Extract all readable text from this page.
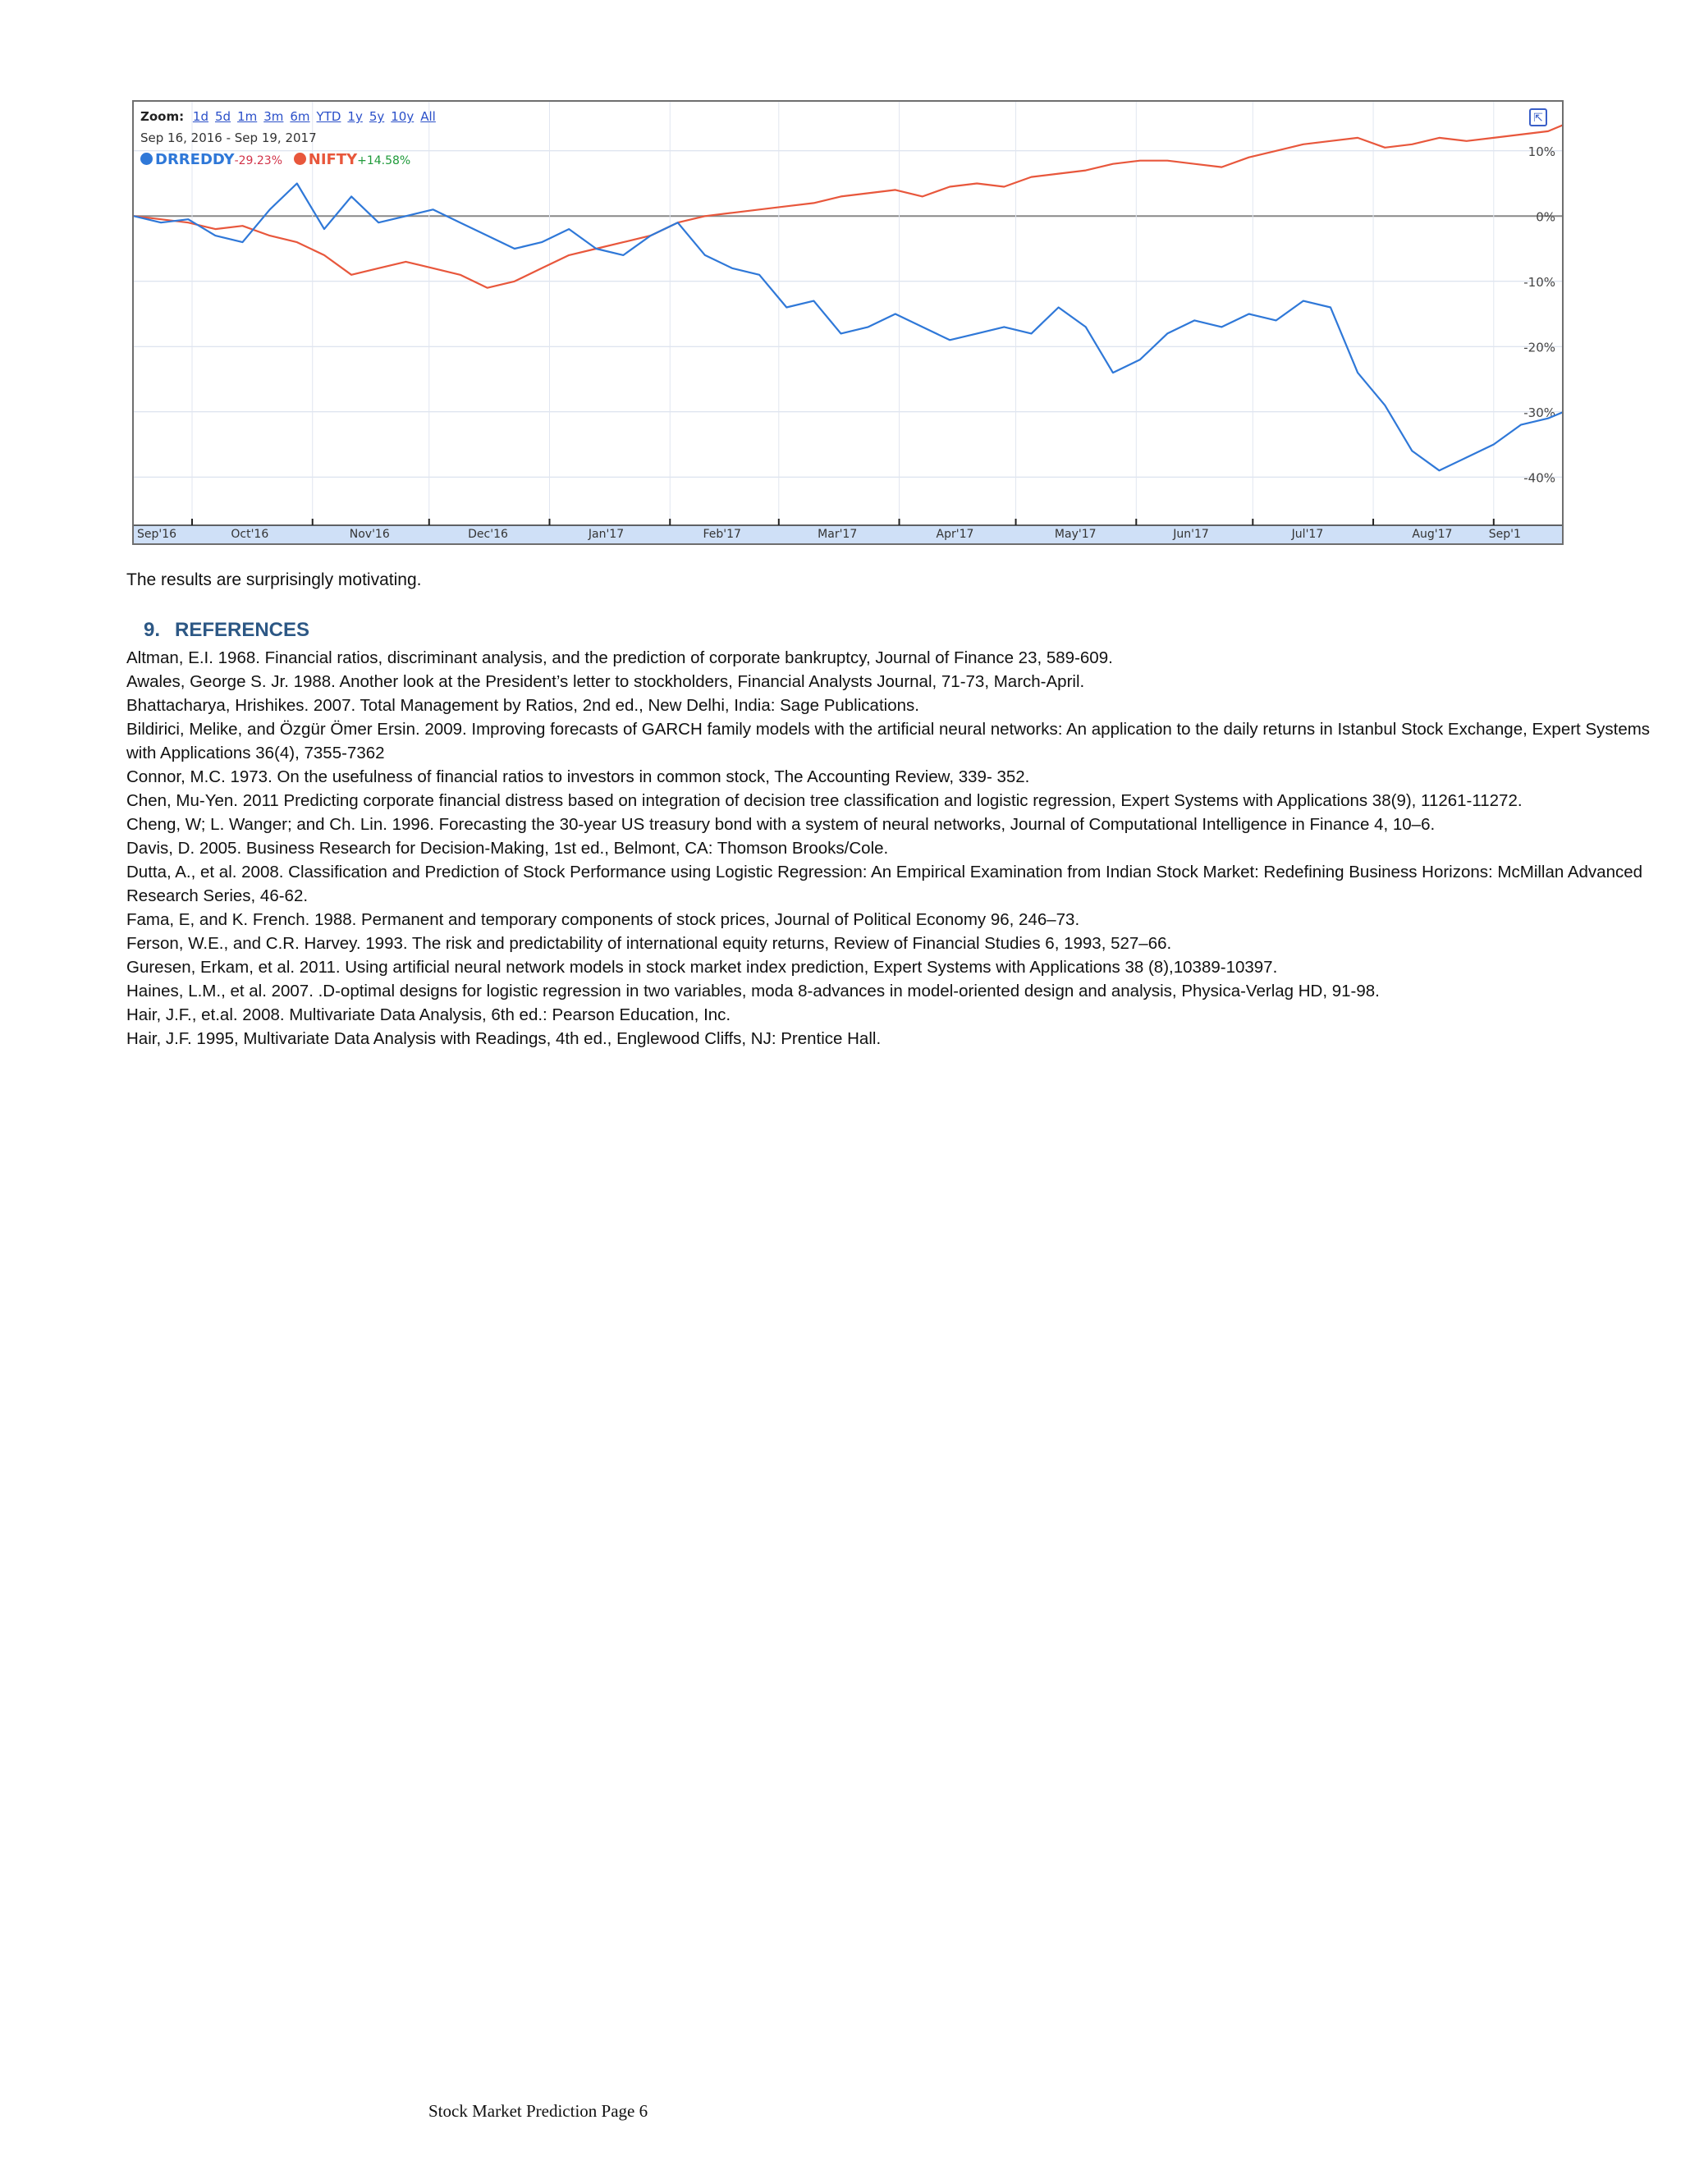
10%
0%
-10%
-20%
-30%
-40%
Sep'16	Oct'16	Nov'16	Dec'16	Jan'17	Feb'17	Mar'17	Apr'17	May'17	Jun'17	Jul'17	Aug'17	Sep'1
Zoom: 1d 5d 1m 3m 6m YTD 1y 5y 10y All
Sep 16, 2016 - Sep 19, 2017
DRREDDY-29.23% NIFTY+14.58%
⇱
The results are surprisingly motivating.
9. REFERENCES
Altman, E.I. 1968. Financial ratios, discriminant analysis, and the prediction of corporate bankruptcy, Journal of Finance 23, 589-609.
Awales, George S. Jr. 1988. Another look at the President’s letter to stockholders, Financial Analysts Journal, 71-73, March-April.
Bhattacharya, Hrishikes. 2007. Total Management by Ratios, 2nd ed., New Delhi, India: Sage Publications.
Bildirici, Melike, and Özgür Ömer Ersin. 2009. Improving forecasts of GARCH family models with the artificial neural networks: An application to the daily returns in Istanbul Stock Exchange, Expert Systems with Applications 36(4), 7355-7362
Connor, M.C. 1973. On the usefulness of financial ratios to investors in common stock, The Accounting Review, 339- 352.
Chen, Mu-Yen. 2011 Predicting corporate financial distress based on integration of decision tree classification and logistic regression, Expert Systems with Applications 38(9), 11261-11272.
Cheng, W; L. Wanger; and Ch. Lin. 1996. Forecasting the 30-year US treasury bond with a system of neural networks, Journal of Computational Intelligence in Finance 4, 10–6.
Davis, D. 2005. Business Research for Decision-Making, 1st ed., Belmont, CA: Thomson Brooks/Cole.
Dutta, A., et al. 2008. Classification and Prediction of Stock Performance using Logistic Regression: An Empirical Examination from Indian Stock Market: Redefining Business Horizons: McMillan Advanced Research Series, 46-62.
Fama, E, and K. French. 1988. Permanent and temporary components of stock prices, Journal of Political Economy 96, 246–73.
Ferson, W.E., and C.R. Harvey. 1993. The risk and predictability of international equity returns, Review of Financial Studies 6, 1993, 527–66.
Guresen, Erkam, et al. 2011. Using artificial neural network models in stock market index prediction, Expert Systems with Applications 38 (8),10389-10397.
Haines, L.M., et al. 2007. .D-optimal designs for logistic regression in two variables, moda 8-advances in model-oriented design and analysis, Physica-Verlag HD, 91-98.
Hair, J.F., et.al. 2008. Multivariate Data Analysis, 6th ed.: Pearson Education, Inc.
Hair, J.F. 1995, Multivariate Data Analysis with Readings, 4th ed., Englewood Cliffs, NJ: Prentice Hall.
Stock Market Prediction Page 6
